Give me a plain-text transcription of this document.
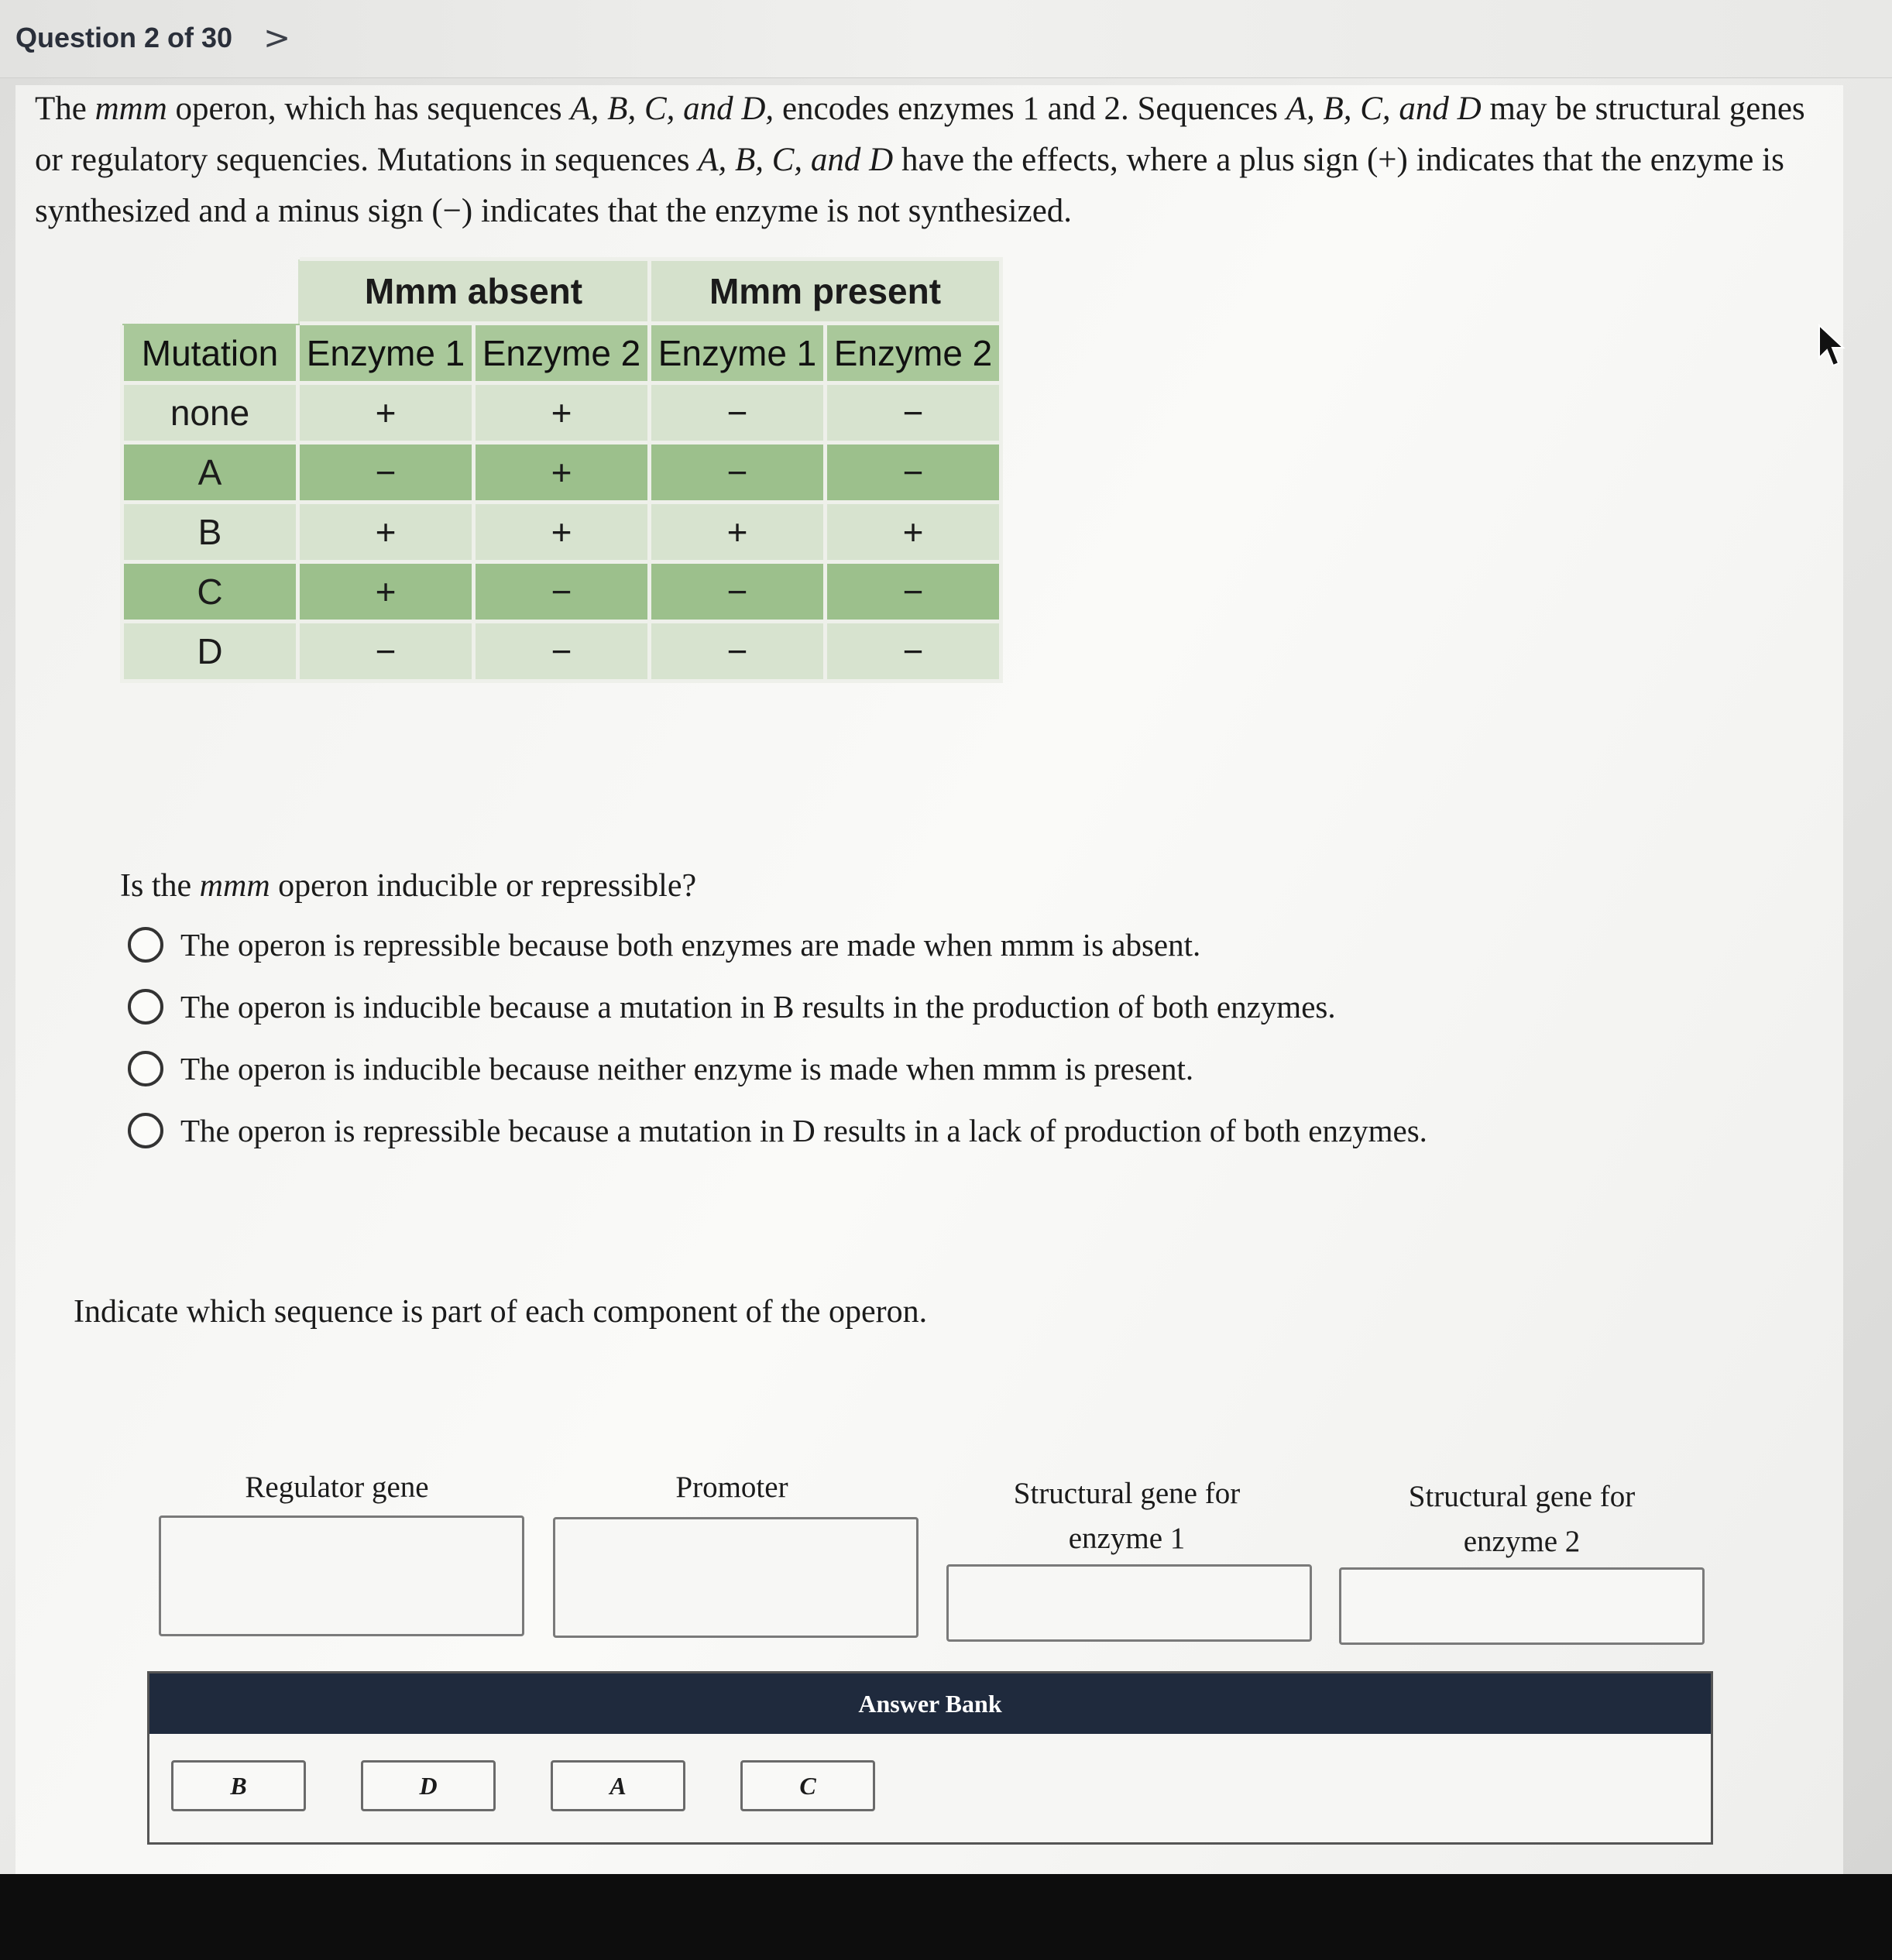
Question 2 of 30 >
The mmm operon, which has sequences A, B, C, and D, encodes enzymes 1 and 2. Sequences A, B, C, and D may be structural genes or regulatory sequencies. Mutations in sequences A, B, C, and D have the effects, where a plus sign (+) indicates that the enzyme is synthesized and a minus sign (−) indicates that the enzyme is not synthesized.
	Mmm absent		Mmm present	
Mutation	Enzyme 1	Enzyme 2	Enzyme 1	Enzyme 2
none	+	+	−	−
A	−	+	−	−
B	+	+	+	+
C	+	−	−	−
D	−	−	−	−
Is the mmm operon inducible or repressible?
The operon is repressible because both enzymes are made when mmm is absent.
The operon is inducible because a mutation in B results in the production of both enzymes.
The operon is inducible because neither enzyme is made when mmm is present.
The operon is repressible because a mutation in D results in a lack of production of both enzymes.
Indicate which sequence is part of each component of the operon.
Regulator gene	Promoter	Structural gene for
enzyme 1
Structural gene for
enzyme 2
Answer Bank
B	D	A	C
